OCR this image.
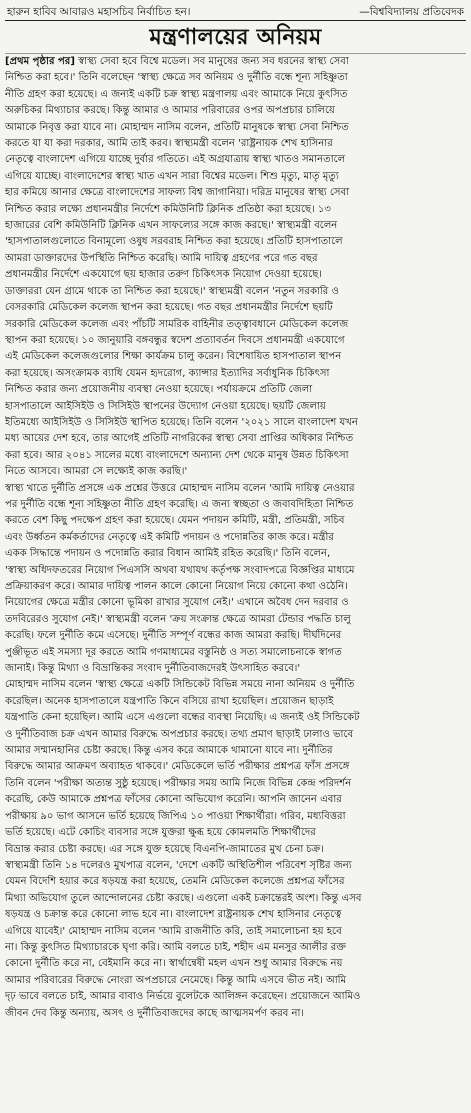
হারুন হাবিব আবারও মহাসচিব নির্বাচিত হন।	—বিশ্ববিদ্যালয় প্রতিবেদক
মন্ত্রণালয়ের অনিয়ম
[প্রথম পৃষ্ঠার পর] স্বাস্থ্য সেবা হবে বিশ্বে মডেল। সব মানুষের জন্য সব ধরনের স্বাস্থ্য সেবা
নিশ্চিত করা হবে।' তিনি বলেছেন 'স্বাস্থ্য ক্ষেত্রে সব অনিয়ম ও দুর্নীতি বন্ধে শূন্য সহিষ্ণুতা
নীতি গ্রহণ করা হয়েছে। এ জন্যই একটি চক্র স্বাস্থ্য মন্ত্রণালয় এবং আমাকে নিয়ে কুৎসিত
অরুচিকর মিথ্যাচার করছে। কিন্তু আমার ও আমার পরিবারের ওপর অপপ্রচার চালিয়ে
আমাকে নিবৃত্ত করা যাবে না। মোহাম্মদ নাসিম বলেন, প্রতিটি মানুষকে স্বাস্থ্য সেবা নিশ্চিত
করতে যা যা করা দরকার, আমি তাই করব। স্বাস্থ্যমন্ত্রী বলেন 'রাষ্ট্রনায়ক শেখ হাসিনার
নেতৃত্বে বাংলাদেশ এগিয়ে যাচ্ছে দুর্বার গতিতে। এই অগ্রযাত্রায় স্বাস্থ্য খাতও সমানতালে
এগিয়ে যাচ্ছে। বাংলাদেশের স্বাস্থ্য খাত এখন সারা বিশ্বের মডেল। শিশু মৃত্যু, মাতৃ মৃত্যু
হার কমিয়ে আনার ক্ষেত্রে বাংলাদেশের সাফল্য বিশ্ব জাগানিয়া। দরিদ্র মানুষের স্বাস্থ্য সেবা
নিশ্চিত করার লক্ষ্যে প্রধানমন্ত্রীর নির্দেশে কমিউনিটি ক্লিনিক প্রতিষ্ঠা করা হয়েছে। ১৩
হাজারের বেশি কমিউনিটি ক্লিনিক এখন সাফল্যের সঙ্গে কাজ করছে।' স্বাস্থ্যমন্ত্রী বলেন
'হাসপাতালগুলোতে বিনামূল্যে ওষুধ সরবরাহ নিশ্চিত করা হয়েছে। প্রতিটি হাসপাতালে
আমরা ডাক্তারদের উপস্থিতি নিশ্চিত করেছি। আমি দায়িত্ব গ্রহণের পরে গত বছর
প্রধানমন্ত্রীর নির্দেশে একযোগে ছয় হাজার তরুণ চিকিৎসক নিয়োগ দেওয়া হয়েছে।
ডাক্তাররা যেন গ্রামে থাকে তা নিশ্চিত করা হয়েছে।' স্বাস্থ্যমন্ত্রী বলেন 'নতুন সরকারি ও
বেসরকারি মেডিকেল কলেজ স্থাপন করা হয়েছে। গত বছর প্রধানমন্ত্রীর নির্দেশে ছয়টি
সরকারি মেডিকেল কলেজ এবং পাঁচটি সামরিক বাহিনীর তত্ত্বাবধানে মেডিকেল কলেজ
স্থাপন করা হয়েছে। ১০ জানুয়ারি বঙ্গবন্ধুর স্বদেশ প্রত্যাবর্তন দিবসে প্রধানমন্ত্রী একযোগে
এই মেডিকেল কলেজগুলোর শিক্ষা কার্যক্রম চালু করেন। বিশেষায়িত হাসপাতাল স্থাপন
করা হয়েছে। অসংক্রামক ব্যাধি যেমন হৃদরোগ, ক্যান্সার ইত্যাদির সর্বাধুনিক চিকিৎসা
নিশ্চিত করার জন্য প্রয়োজনীয় ব্যবস্থা নেওয়া হয়েছে। পর্যায়ক্রমে প্রতিটি জেলা
হাসপাতালে আইসিইউ ও সিসিইউ স্থাপনের উদ্যোগ নেওয়া হয়েছে। ছয়টি জেলায়
ইতিমধ্যে আইসিইউ ও সিসিইউ স্থাপিত হয়েছে। তিনি বলেন '২০২১ সালে বাংলাদেশ যখন
মধ্য আয়ের দেশ হবে, তার আগেই প্রতিটি নাগরিকের স্বাস্থ্য সেবা প্রাপ্তির অধিকার নিশ্চিত
করা হবে। আর ২০৪১ সালের মধ্যে বাংলাদেশে অন্যান্য দেশ থেকে মানুষ উন্নত চিকিৎসা
নিতে আসবে। আমরা সে লক্ষ্যেই কাজ করছি।'
স্বাস্থ্য খাতে দুর্নীতি প্রসঙ্গে এক প্রশ্নের উত্তরে মোহাম্মদ নাসিম বলেন 'আমি দায়িত্ব নেওয়ার
পর দুর্নীতি বন্ধে শূন্য সহিষ্ণুতা নীতি গ্রহণ করেছি। এ জন্য স্বচ্ছতা ও জবাবদিহিতা নিশ্চিত
করতে বেশ কিছু পদক্ষেপ গ্রহণ করা হয়েছে। যেমন পদায়ন কমিটি, মন্ত্রী, প্রতিমন্ত্রী, সচিব
এবং উর্ধ্বতন কর্মকর্তাদের নেতৃত্বে এই কমিটি পদায়ন ও পদোন্নতির কাজ করে। মন্ত্রীর
একক সিদ্ধান্তে পদায়ন ও পদোন্নতি করার বিধান আমিই রহিত করেছি।' তিনি বলেন,
'স্বাস্থ্য অধিদফতরের নিয়োগ পিএসসি অথবা যথাযথ কর্তৃপক্ষ সংবাদপত্রে বিজ্ঞপ্তির মাধ্যমে
প্রক্রিয়াকরণ করে। আমার দায়িত্ব পালন কালে কোনো নিয়োগ নিয়ে কোনো কথা ওঠেনি।
নিয়োগের ক্ষেত্রে মন্ত্রীর কোনো ভূমিকা রাখার সুযোগ নেই।' এখানে অবৈধ দেন দরবার ও
তদবিরেরও সুযোগ নেই।' স্বাস্থ্যমন্ত্রী বলেন 'ক্রয় সংক্রান্ত ক্ষেত্রে আমরা টেন্ডার পদ্ধতি চালু
করেছি। ফলে দুর্নীতি কমে এসেছে। দুর্নীতি সম্পূর্ণ বন্ধের কাজ আমরা করছি। দীর্ঘদিনের
পুঞ্জীভূত এই সমস্যা দূর করতে আমি গণমাধ্যমের বস্তুনিষ্ঠ ও সত্য সমালোচনাকে স্বাগত
জানাই। কিন্তু মিথ্যা ও বিভ্রান্তিকর সংবাদ দুর্নীতিবাজদেরই উৎসাহিত করবে।'
মোহাম্মদ নাসিম বলেন 'স্বাস্থ্য ক্ষেত্রে একটি সিন্ডিকেট বিভিন্ন সময়ে নানা অনিয়ম ও দুর্নীতি
করেছিল। অনেক হাসপাতালে যন্ত্রপাতি কিনে বসিয়ে রাখা হয়েছিল। প্রয়োজন ছাড়াই
যন্ত্রপাতি কেনা হয়েছিল। আমি এসে এগুলো বন্ধের ব্যবস্থা নিয়েছি। এ জন্যই ওই সিন্ডিকেট
ও দুর্নীতিবাজ চক্র এখন আমার বিরুদ্ধে অপপ্রচার করছে। তথ্য প্রমাণ ছাড়াই ঢালাও ভাবে
আমার সম্মানহানির চেষ্টা করছে। কিন্তু এসব করে আমাকে থামানো যাবে না। দুর্নীতির
বিরুদ্ধে আমার আক্রমণ অব্যাহত থাকবে।' মেডিকেলে ভর্তি পরীক্ষার প্রশ্নপত্র ফাঁস প্রসঙ্গে
তিনি বলেন 'পরীক্ষা অত্যন্ত সুষ্ঠু হয়েছে। পরীক্ষার সময় আমি নিজে বিভিন্ন কেন্দ্র পরিদর্শন
করেছি, কেউ আমাকে প্রশ্নপত্র ফাঁসের কোনো অভিযোগ করেনি। আপনি জানেন এবার
পরীক্ষায় ৯০ ভাগ আসনে ভর্তি হয়েছে জিপিএ ১০ পাওয়া শিক্ষার্থীরা। গরিব, মধ্যবিত্তরা
ভর্তি হয়েছে। এটে কোচিং ব্যবসার সঙ্গে যুক্তরা ক্ষুব্ধ হয়ে কোমলমতি শিক্ষার্থীদের
বিভ্রান্ত করার চেষ্টা করছে। এর সঙ্গে যুক্ত হয়েছে বিএনপি-জামাতের মুখ চেনা চক্র।
স্বাস্থ্যমন্ত্রী তিনি ১৪ দলেরও মুখপাত্র বলেন, 'দেশে একটি অস্থিতিশীল পরিবেশ সৃষ্টির জন্য
যেমন বিদেশি হয়ার করে ষড়যন্ত্র করা হয়েছে, তেমনি মেডিকেল কলেজে প্রশ্নপত্র ফাঁসের
মিথ্যা অভিযোগ তুলে আন্দোলনের চেষ্টা করছে। এগুলো একই চক্রান্তেরই অংশ। কিন্তু এসব
ষড়যন্ত্র ও চক্রান্ত করে কোনো লাভ হবে না। বাংলাদেশ রাষ্ট্রনায়ক শেখ হাসিনার নেতৃত্বে
এগিয়ে যাবেই।' মোহাম্মদ নাসিম বলেন 'আমি রাজনীতি করি, তাই সমালোচনা হয় হবে
না। কিন্তু কুৎসিত মিথ্যাচারকে ঘৃণা করি। আমি বলতে চাই, শহীদ এম মনসুর আলীর রক্ত
কোনো দুর্নীতি করে না, বেইমানি করে না। স্বার্থান্বেষী মহল এখন শুধু আমার বিরুদ্ধে নয়
আমার পরিবারের বিরুদ্ধে নোংরা অপপ্রচারে নেমেছে। কিন্তু আমি এসবে ভীত নই। আমি
দৃঢ় ভাবে বলতে চাই, আমার বাবাও নির্ভয়ে বুলেটকে আলিঙ্গন করেছেন। প্রয়োজনে আমিও
জীবন দেব কিন্তু অন্যায়, অসৎ ও দুর্নীতিবাজদের কাছে আত্মসমর্পণ করব না।
